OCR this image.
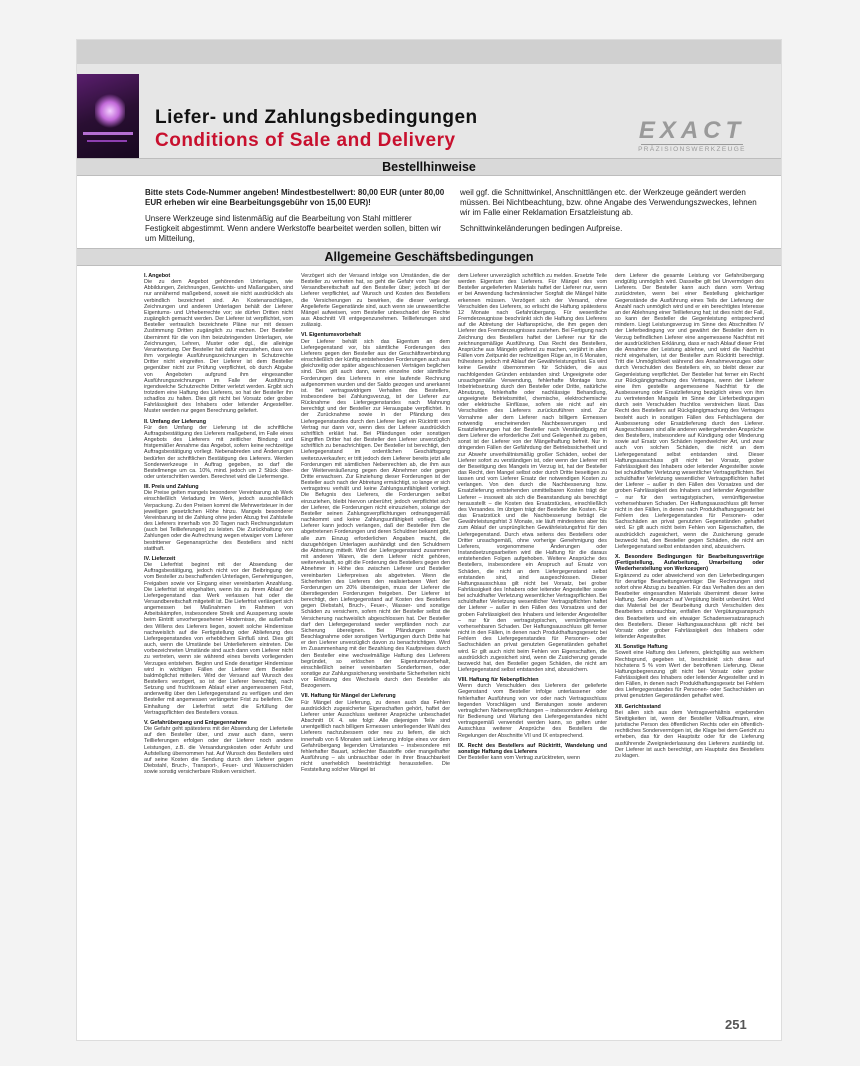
Liefer- und Zahlungsbedingungen
Conditions of Sale and Delivery	EXACT
PRÄZISIONSWERKZEUGE
Bestellhinweise

Bitte stets Code-Nummer angeben! Mindestbestellwert: 80,00 EUR (unter 80,00 EUR erheben wir eine Bearbeitungsgebühr von 15,00 EUR)!

Unsere Werkzeuge sind listenmäßig auf die Bearbeitung von Stahl mittlerer Festigkeit abgestimmt. Wenn andere Werkstoffe bearbeitet werden sollen, bitten wir um Mitteilung,

weil ggf. die Schnittwinkel, Anschnittlängen etc. der Werkzeuge geändert werden müssen. Bei Nichtbeachtung, bzw. ohne Angabe des Verwendungszweckes, lehnen wir im Falle einer Reklamation Ersatzleistung ab.

Schnittwinkeländerungen bedingen Aufpreise.

Allgemeine Geschäftsbedingungen
I. Angebot

Die zu dem Angebot gehörenden Unterlagen, wie Abbildungen, Zeichnungen, Gewichts- und Maßangaben, sind nur annähernd maßgebend, soweit sie nicht ausdrücklich als verbindlich bezeichnet sind. An Kostenanschlägen, Zeichnungen und anderen Unterlagen behält der Lieferer Eigentums- und Urheberrechte vor; sie dürfen Dritten nicht zugänglich gemacht werden. Der Lieferer ist verpflichtet, vom Besteller vertraulich bezeichnete Pläne nur mit dessen Zustimmung Dritten zugänglich zu machen. Der Besteller übernimmt für die von ihm beizubringenden Unterlagen, wie Zeichnungen, Lehren, Muster oder dgl., die alleinige Verantwortung. Der Besteller hat dafür einzustehen, dass von ihm vorgelegte Ausführungszeichnungen in Schutzrechte Dritter nicht eingreifen. Der Lieferer ist dem Besteller gegenüber nicht zur Prüfung verpflichtet, ob durch Abgabe von Angeboten aufgrund ihm eingesandter Ausführungszeichnungen im Falle der Ausführung irgendwelche Schutzrechte Dritter verletzt werden. Ergibt sich trotzdem eine Haftung des Lieferers, so hat der Besteller ihn schadlos zu halten. Dies gilt nicht bei Vorsatz oder grober Fahrlässigkeit des Inhabers oder leitender Angestellter. Muster werden nur gegen Berechnung geliefert.

II. Umfang der Lieferung

Für den Umfang der Lieferung ist die schriftliche Auftragsbestätigung des Lieferers maßgebend, im Falle eines Angebots des Lieferers mit zeitlicher Bindung und fristgemäßer Annahme das Angebot, sofern keine rechtzeitige Auftragsbestätigung vorliegt. Nebenabreden und Änderungen bedürfen der schriftlichen Bestätigung des Lieferers. Werden Sonderwerkzeuge in Auftrag gegeben, so darf die Bestellmenge um ca. 10%, mind. jedoch um 2 Stück über- oder unterschritten werden. Berechnet wird die Liefermenge.

III. Preis und Zahlung

Die Preise gelten mangels besonderer Vereinbarung ab Werk einschließlich Verladung im Werk, jedoch ausschließlich Verpackung. Zu den Preisen kommt die Mehrwertsteuer in der jeweiligen gesetzlichen Höhe hinzu. Mangels besonderer Vereinbarung ist die Zahlung ohne jeden Abzug frei Zahlstelle des Lieferers innerhalb von 30 Tagen nach Rechnungsdatum (auch bei Teillieferungen) zu leisten. Die Zurückhaltung von Zahlungen oder die Aufrechnung wegen etwaiger vom Lieferer bestrittener Gegenansprüche des Bestellers sind nicht statthaft.

IV. Lieferzeit

Die Lieferfrist beginnt mit der Absendung der Auftragsbestätigung, jedoch nicht vor der Beibringung der vom Besteller zu beschaffenden Unterlagen, Genehmigungen, Freigaben sowie vor Eingang einer vereinbarten Anzahlung. Die Lieferfrist ist eingehalten, wenn bis zu ihrem Ablauf der Liefergegenstand das Werk verlassen hat oder die Versandbereitschaft mitgeteilt ist. Die Lieferfrist verlängert sich angemessen bei Maßnahmen im Rahmen von Arbeitskämpfen, insbesondere Streik und Aussperrung sowie beim Eintritt unvorhergesehener Hindernisse, die außerhalb des Willens des Lieferers liegen, soweit solche Hindernisse nachweislich auf die Fertigstellung oder Ablieferung des Liefergegenstandes von erheblichem Einfluß sind. Dies gilt auch, wenn die Umstände bei Unterlieferern eintreten. Die vorbezeichneten Umstände sind auch dann vom Lieferer nicht zu vertreten, wenn sie während eines bereits vorliegenden Verzuges entstehen. Beginn und Ende derartiger Hindernisse wird in wichtigen Fällen der Lieferer dem Besteller baldmöglichst mitteilen. Wird der Versand auf Wunsch des Bestellers verzögert, so ist der Lieferer berechtigt, nach Setzung und fruchtlosem Ablauf einer angemessenen Frist, anderweitig über den Liefergegenstand zu verfügen und den Besteller mit angemessen verlängerter Frist zu beliefern. Die Einhaltung der Lieferfrist setzt die Erfüllung der Vertragspflichten des Bestellers voraus.

V. Gefahrübergang und Entgegennahme

Die Gefahr geht spätestens mit der Absendung der Lieferteile auf den Besteller über, und zwar auch dann, wenn Teillieferungen erfolgen oder der Lieferer noch andere Leistungen, z.B. die Versandungskosten oder Anfuhr und Aufstellung übernommen hat. Auf Wunsch des Bestellers wird auf seine Kosten die Sendung durch den Lieferer gegen Diebstahl, Bruch-, Transport-, Feuer- und Wasserschäden sowie sonstig versicherbare Risiken versichert.

Verzögert sich der Versand infolge von Umständen, die der Besteller zu vertreten hat, so geht die Gefahr vom Tage der Versandbereitschaft auf den Besteller über; jedoch ist der Lieferer verpflichtet, auf Wunsch und Kosten des Bestellers die Versicherungen zu bewirken, die dieser verlangt. Angelieferte Gegenstände sind, auch wenn sie unwesentliche Mängel aufweisen, vom Besteller unbeschadet der Rechte aus Abschnitt VII entgegenzunehmen. Teillieferungen sind zulässig.

VI. Eigentumsvorbehalt

Der Lieferer behält sich das Eigentum an dem Liefergegenstand vor, bis sämtliche Forderungen des Lieferers gegen den Besteller aus der Geschäftsverbindung einschließlich der künftig entstehenden Forderungen auch aus gleichzeitig oder später abgeschlossenen Verträgen beglichen sind. Dies gilt auch dann, wenn einzelne oder sämtliche Forderungen des Lieferers in eine laufende Rechnung aufgenommen wurden und der Saldo gezogen und anerkannt ist. Bei vertragswidrigem Verhalten des Bestellers, insbesondere bei Zahlungsverzug, ist der Lieferer zur Rücknahme des Liefergegenstandes nach Mahnung berechtigt und der Besteller zur Herausgabe verpflichtet. In der Zurücknahme sowie in der Pfändung des Liefergegenstandes durch den Lieferer liegt ein Rücktritt vom Vertrag nur dann vor, wenn dies der Lieferer ausdrücklich schriftlich erklärt hat. Bei Pfändungen oder sonstigen Eingriffen Dritter hat der Besteller den Lieferer unverzüglich schriftlich zu benachrichtigen. Der Besteller ist berechtigt, den Liefergegenstand im ordentlichen Geschäftsgang weiterzuverkaufen; er tritt jedoch dem Lieferer bereits jetzt alle Forderungen mit sämtlichen Nebenrechten ab, die ihm aus der Weiterveräußerung gegen den Abnehmer oder gegen Dritte erwachsen. Zur Einziehung dieser Forderungen ist der Besteller auch nach der Abtretung ermächtigt, so lange er sich vertragstreu verhält und keine Zahlungsunfähigkeit vorliegt. Die Befugnis des Lieferers, die Forderungen selbst einzuziehen, bleibt hiervon unberührt; jedoch verpflichtet sich der Lieferer, die Forderungen nicht einzuziehen, solange der Besteller seinen Zahlungsverpflichtungen ordnungsgemäß nachkommt und keine Zahlungsunfähigkeit vorliegt. Der Lieferer kann jedoch verlangen, daß der Besteller ihm die abgetretenen Forderungen und deren Schuldner bekannt gibt, alle zum Einzug erforderlichen Angaben macht, die dazugehörigen Unterlagen aushändigt und den Schuldnern die Abtretung mitteilt. Wird der Liefergegenstand zusammen mit anderen Waren, die dem Lieferer nicht gehören, weiterverkauft, so gilt die Forderung des Bestellers gegen den Abnehmer in Höhe des zwischen Lieferer und Besteller vereinbarten Lieferpreises als abgetreten. Wenn die Sicherheiten des Lieferers den realisierbaren Wert der Forderungen um 20% übersteigen, muss der Lieferer die überstiegenden Forderungen freigeben. Der Lieferer ist berechtigt, den Liefergegenstand auf Kosten des Bestellers gegen Diebstahl, Bruch-, Feuer-, Wasser- und sonstige Schäden zu versichern, sofern nicht der Besteller selbst die Versicherung nachweislich abgeschlossen hat. Der Besteller darf den Liefergegenstand weder verpfänden noch zur Sicherung übereignen. Bei Pfändungen sowie Beschlagnahme oder sonstigen Verfügungen durch Dritte hat er den Lieferer unverzüglich davon zu benachrichtigen. Wird im Zusammenhang mit der Bezahlung des Kaufpreises durch den Besteller eine wechselmäßige Haftung des Lieferers begründet, so erlöschen der Eigentumsvorbehalt, einschließlich seiner vereinbarten Sonderformen, oder sonstige zur Zahlungssicherung vereinbarte Sicherheiten nicht vor Einlösung des Wechsels durch den Besteller als Bezogenem.

VII. Haftung für Mängel der Lieferung

Für Mängel der Lieferung, zu denen auch das Fehlen ausdrücklich zugesicherter Eigenschaften gehört, haftet der Lieferer unter Ausschluss weiterer Ansprüche unbeschadet Abschnitt IX 4. wie folgt: Alle diejenigen Teile sind unentgeltlich nach billigem Ermessen unterliegender Wahl des Lieferers nachzubessern oder neu zu liefern, die sich innerhalb von 6 Monaten seit Lieferung infolge eines vor dem Gefahrübergang liegenden Umstandes – insbesondere mit fehlerhafter Bauart, schlechter Baustoffe oder mangelhafter Ausführung – als unbrauchbar oder in ihrer Brauchbarkeit nicht unerheblich beeinträchtigt herausstellen. Die Feststellung solcher Mängel ist

dem Lieferer unverzüglich schriftlich zu melden. Ersetzte Teile werden Eigentum des Lieferers. Für Mängel des vom Besteller angelieferten Materials haftet der Lieferer nur, wenn er bei Anwendung fachmännischer Sorgfalt die Mängel hätte erkennen müssen. Verzögert sich der Versand, ohne Verschulden des Lieferers, so erlischt die Haftung spätestens 12 Monate nach Gefahrübergang. Für wesentliche Fremderzeugnisse beschränkt sich die Haftung des Lieferers auf die Abtretung der Haftansprüche, die ihm gegen den Lieferer des Fremderzeugnisses zustehen. Bei Fertigung nach Zeichnung des Bestellers haftet der Lieferer nur für die zeichnungsmäßige Ausführung. Das Recht des Bestellers, Ansprüche aus Mängeln geltend zu machen, verjährt in allen Fällen vom Zeitpunkt der rechtzeitigen Rüge an, in 6 Monaten, frühestens jedoch mit Ablauf der Gewährleistungsfrist. Es wird keine Gewähr übernommen für Schäden, die aus nachfolgenden Gründen entstanden sind: Ungeeignete oder unsachgemäße Verwendung, fehlerhafte Montage bzw. Inbetriebsetzung durch den Besteller oder Dritte, natürliche Abnutzung, fehlerhafte oder nachlässige Behandlung, ungeeignete Betriebsmittel, chemische, elektrochemische oder elektrische Einflüsse, sofern sie nicht auf ein Verschulden des Lieferers zurückzuführen sind. Zur Vornahme aller dem Lieferer nach billigem Ermessen notwendig erscheinenden Nachbesserungen und Ersatzlieferungen hat der Besteller nach Verständigung mit dem Lieferer die erforderliche Zeit und Gelegenheit zu geben, sonst ist der Lieferer von der Mängelhaftung befreit. Nur in dringenden Fällen der Gefährdung der Betriebssicherheit und zur Abwehr unverhältnismäßig großer Schäden, wobei der Lieferer sofort zu verständigen ist, oder wenn der Lieferer mit der Beseitigung des Mangels im Verzug ist, hat der Besteller das Recht, den Mangel selbst oder durch Dritte beseitigen zu lassen und vom Lieferer Ersatz der notwendigen Kosten zu verlangen. Von den durch die Nachbesserung bzw. Ersatzlieferung entstehenden unmittelbaren Kosten trägt der Lieferer – insoweit als sich die Beanstandung als berechtigt herausstellt – die Kosten des Ersatzstückes, einschließlich des Versandes. Im übrigen trägt der Besteller die Kosten. Für das Ersatzstück und die Nachbesserung beträgt die Gewährleistungsfrist 3 Monate, sie läuft mindestens aber bis zum Ablauf der ursprünglichen Gewährleistungsfrist für den Liefergegenstand. Durch etwa seitens des Bestellers oder Dritter unsachgemäß, ohne vorherige Genehmigung des Lieferers, vorgenommene Änderungen oder Instandsetzungsarbeiten wird die Haftung für die daraus entstehenden Folgen aufgehoben. Weitere Ansprüche des Bestellers, insbesondere ein Anspruch auf Ersatz von Schäden, die nicht an dem Liefergegenstand selbst entstanden sind, sind ausgeschlossen. Dieser Haftungsausschluss gilt nicht bei Vorsatz, bei grober Fahrlässigkeit des Inhabers oder leitender Angestellter sowie bei schuldhafter Verletzung wesentlicher Vertragspflichten. Bei schuldhafter Verletzung wesentlicher Vertragspflichten haftet der Lieferer – außer in den Fällen des Vorsatzes und der groben Fahrlässigkeit des Inhabers und leitender Angestellter – nur für den vertragstypischen, vernünftigerweise vorhersehbaren Schaden. Der Haftungsausschluss gilt ferner nicht in den Fällen, in denen nach Produkthaftungsgesetz bei Fehlern des Liefergegenstandes für Personen- oder Sachschäden an privat genutzten Gegenständen gehaftet wird. Er gilt auch nicht beim Fehlen von Eigenschaften, die ausdrücklich zugesichert sind, wenn die Zusicherung gerade bezweckt hat, den Besteller gegen Schäden, die nicht am Liefergegenstand selbst entstanden sind, abzusichern.

VIII. Haftung für Nebenpflichten

Wenn durch Verschulden des Lieferers der gelieferte Gegenstand vom Besteller infolge unterlassener oder fehlerhafter Ausführung von vor oder nach Vertragsschluss liegenden Vorschlägen und Beratungen sowie anderen vertraglichen Nebenverpflichtungen – insbesondere Anleitung für Bedienung und Wartung des Liefergegenstandes nicht vertragsgemäß verwendet werden kann, so gelten unter Ausschluss weiterer Ansprüche des Bestellers die Regelungen der Abschnitte VII und IX entsprechend.

IX. Recht des Bestellers auf Rücktritt, Wandelung und sonstige Haftung des Lieferers

Der Besteller kann vom Vertrag zurücktreten, wenn

dem Lieferer die gesamte Leistung vor Gefahrübergang endgültig unmöglich wird. Dasselbe gilt bei Unvermögen des Lieferers. Der Besteller kann auch dann vom Vertrag zurücktreten, wenn bei einer Bestellung gleichartiger Gegenstände die Ausführung eines Teils der Lieferung der Anzahl nach unmöglich wird und er ein berechtigtes Interesse an der Ablehnung einer Teillieferung hat; ist dies nicht der Fall, so kann der Besteller die Gegenleistung entsprechend mindern. Liegt Leistungsverzug im Sinne des Abschnittes IV der Lieferbedingung vor und gewährt der Besteller dem in Verzug befindlichen Lieferer eine angemessene Nachfrist mit der ausdrücklichen Erklärung, dass er nach Ablauf dieser Frist die Annahme der Leistung ablehne, und wird die Nachfrist nicht eingehalten, ist der Besteller zum Rücktritt berechtigt. Tritt die Unmöglichkeit während des Annahmeverzuges oder durch Verschulden des Bestellers ein, so bleibt dieser zur Gegenleistung verpflichtet. Der Besteller hat ferner ein Recht zur Rückgängigmachung des Vertrages, wenn der Lieferer eine ihm gestellte angemessene Nachfrist für die Ausbesserung oder Ersatzlieferung bezüglich eines von ihm zu vertretenden Mangels im Sinne der Lieferbedingungen durch sein Verschulden fruchtlos verstreichen lässt. Das Recht des Bestellers auf Rückgängigmachung des Vertrages besteht auch in sonstigen Fällen des Fehlschlagens der Ausbesserung oder Ersatzlieferung durch den Lieferer. Ausgeschlossen sind alle anderen weitergehenden Ansprüche des Bestellers, insbesondere auf Kündigung oder Minderung sowie auf Ersatz von Schäden irgendwelcher Art, und zwar auch von solchen Schäden, die nicht an dem Liefergegenstand selbst entstanden sind. Dieser Haftungsausschluss gilt nicht bei Vorsatz, grober Fahrlässigkeit des Inhabers oder leitender Angestellter sowie bei schuldhafter Verletzung wesentlicher Vertragspflichten. Bei schuldhafter Verletzung wesentlicher Vertragspflichten haftet der Lieferer – außer in den Fällen des Vorsatzes und der groben Fahrlässigkeit des Inhabers und leitender Angestellter – nur für den vertragstypischen, vernünftigerweise vorhersehbaren Schaden. Der Haftungsausschluss gilt ferner nicht in den Fällen, in denen nach Produkthaftungsgesetz bei Fehlern des Liefergegenstandes für Personen- oder Sachschäden an privat genutzten Gegenständen gehaftet wird. Er gilt auch nicht beim Fehlen von Eigenschaften, die ausdrücklich zugesichert, wenn die Zusicherung gerade bezweckt hat, den Besteller gegen Schäden, die nicht am Liefergegenstand selbst entstanden sind, abzusichern.

X. Besondere Bedingungen für Bearbeitungsverträge (Fertigstellung, Aufarbeitung, Umarbeitung oder Wiederherstellung von Werkzeugen)

Ergänzend zu oder abweichend von den Lieferbedingungen für derartige Bearbeitungsverträge: Die Rechnungen sind sofort ohne Abzug zu bezahlen. Für das Verhalten des an den Bearbeiter eingesandten Materials übernimmt dieser keine Haftung. Sein Anspruch auf Vergütung bleibt unberührt. Wird das Material bei der Bearbeitung durch Verschulden des Bearbeiters unbrauchbar, entfallen der Vergütungsanspruch des Bearbeiters und ein etwaiger Schadensersatzanspruch des Bestellers. Dieser Haftungsausschluss gilt nicht bei Vorsatz oder grober Fahrlässigkeit des Inhabers oder leitender Angestellter.

XI. Sonstige Haftung

Soweit eine Haftung des Lieferers, gleichgültig aus welchem Rechtsgrund, gegeben ist, beschränkt sich diese auf höchstens 5 % vom Wert der betroffenen Lieferung. Diese Haftungsbegrenzung gilt nicht bei Vorsatz oder grober Fahrlässigkeit des Inhabers oder leitender Angestellter und in den Fällen, in denen nach Produkthaftungsgesetz bei Fehlern des Liefergegenstandes für Personen- oder Sachschäden an privat genutzten Gegenständen gehaftet wird.

XII. Gerichtsstand

Bei allen sich aus dem Vertragsverhältnis ergebenden Streitigkeiten ist, wenn der Besteller Vollkaufmann, eine juristische Person des öffentlichen Rechts oder ein öffentlich-rechtliches Sondervermögen ist, die Klage bei dem Gericht zu erheben, das für den Hauptsitz oder für die Lieferung ausführende Zweigniederlassung des Lieferers zuständig ist. Der Lieferer ist auch berechtigt, am Hauptsitz des Bestellers zu klagen.

251
